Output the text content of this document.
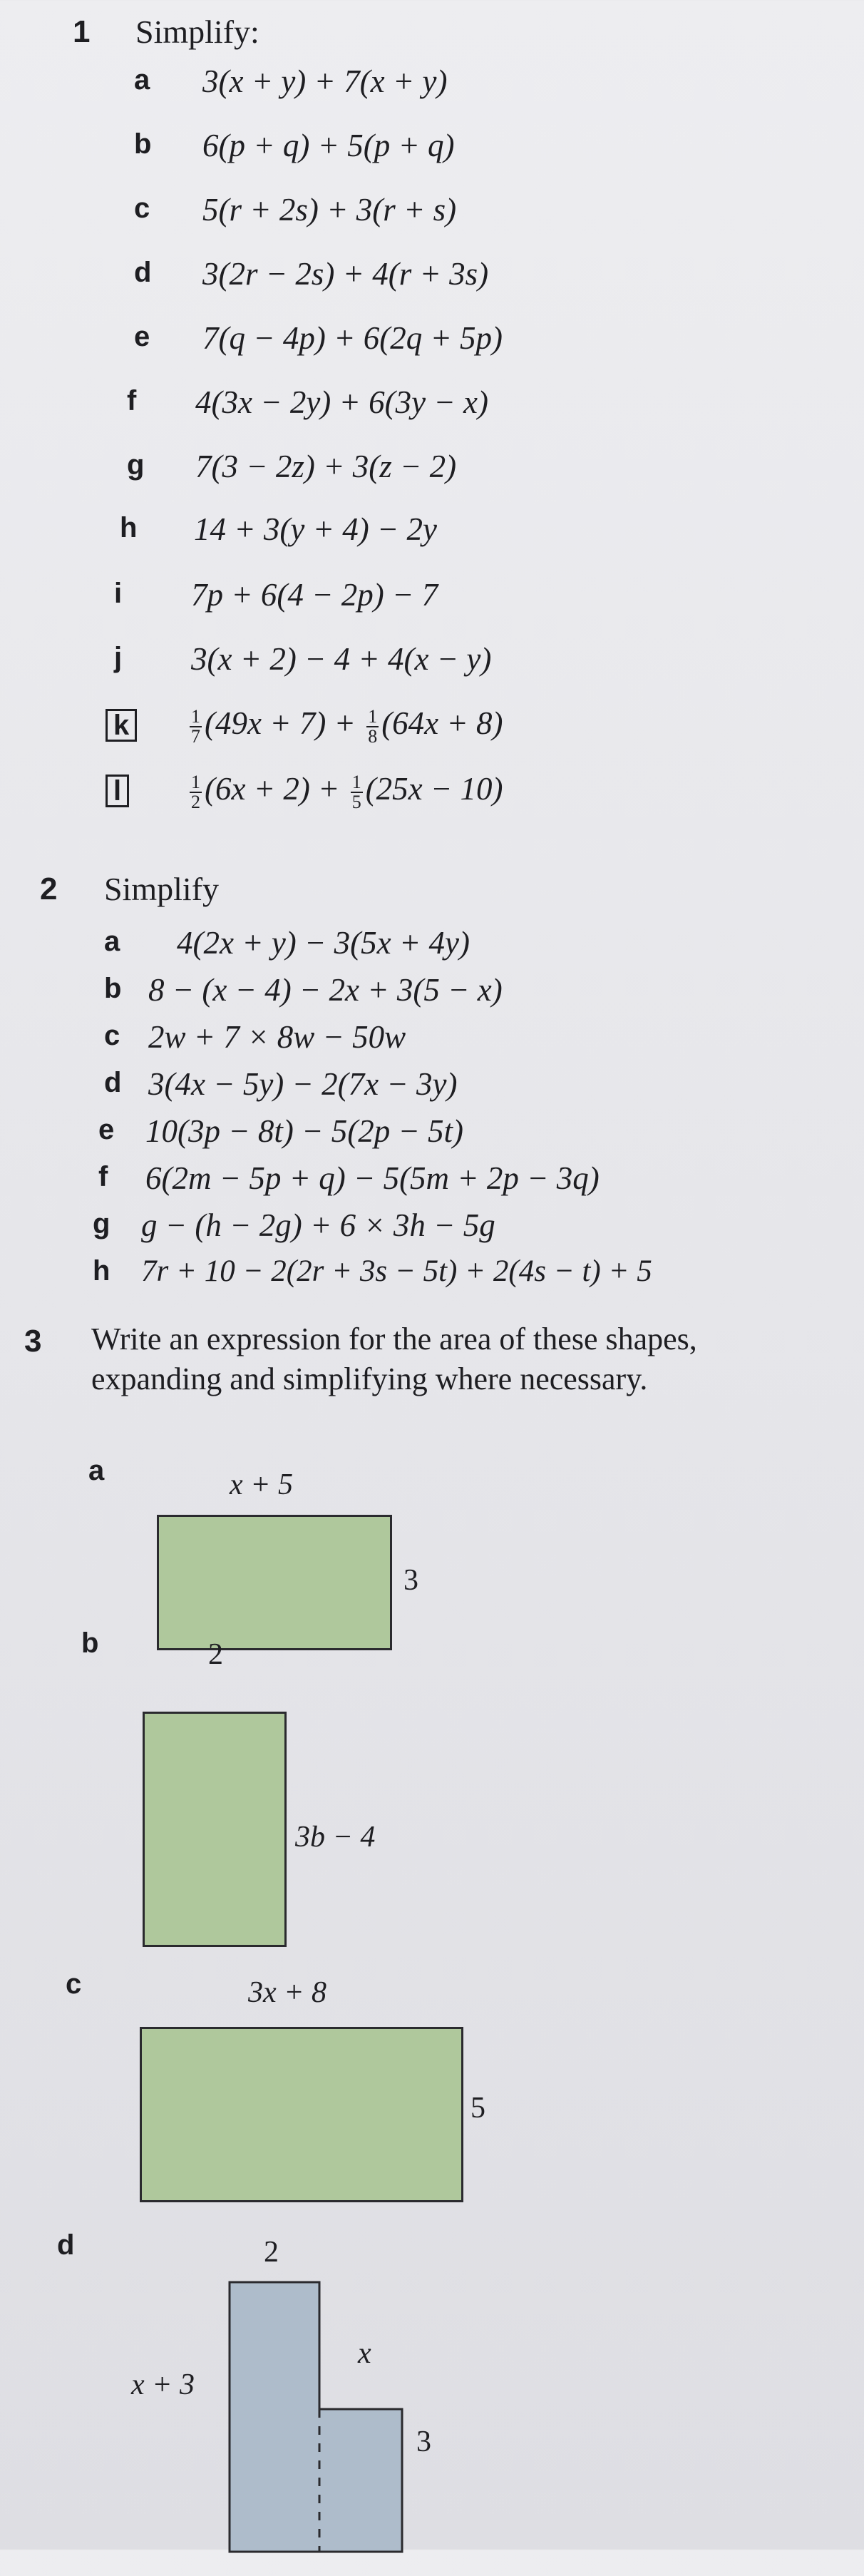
1 Simplify:
a 3(x + y) + 7(x + y)
b 6(p + q) + 5(p + q)
c 5(r + 2s) + 3(r + s)
d 3(2r − 2s) + 4(r + 3s)
e 7(q − 4p) + 6(2q + 5p)
f 4(3x − 2y) + 6(3y − x)
g 7(3 − 2z) + 3(z − 2)
h 14 + 3(y + 4) − 2y
i 7p + 6(4 − 2p) − 7
j 3(x + 2) − 4 + 4(x − y)
k	$\frac{1}{7} (49x + 7) + \frac{1}{8} (64x + 8)$
l	$\frac{1}{2} (6x + 2) + \frac{1}{5} (25x - 10)$
2 Simplify
a 4(2x + y) − 3(5x + 4y)
b 8 − (x − 4) − 2x + 3(5 − x)
c 2w + 7 × 8w − 50w
d 3(4x − 5y) − 2(7x − 3y)
e 10(3p − 8t) − 5(2p − 5t)
f 6(2m − 5p + q) − 5(5m + 2p − 3q)
g g − (h − 2g) + 6 × 3h − 5g
h 7r + 10 − 2(2r + 3s − 5t) + 2(4s − t) + 5
3 Write an expression for the area of these shapes,
expanding and simplifying where necessary.
a	x + 5
3
b	2
3b − 4
c	3x + 8
5
d	2
x + 3
x
3
